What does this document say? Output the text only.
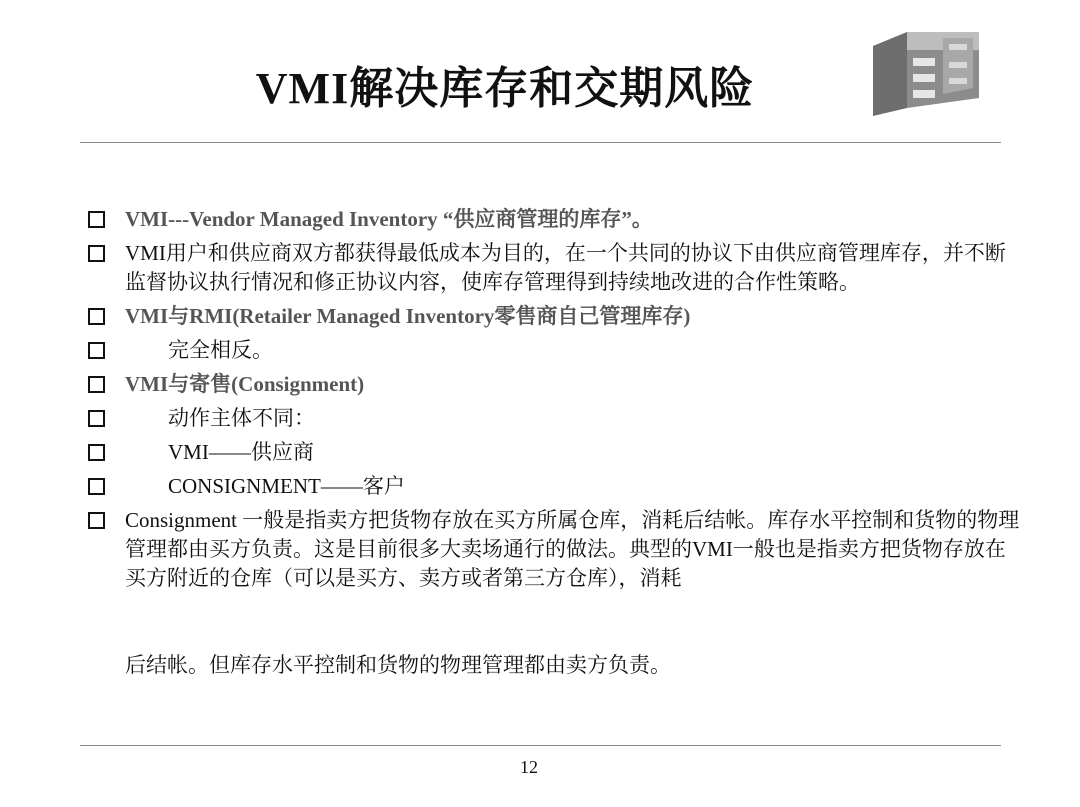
VMI解决库存和交期风险
VMI---Vendor Managed Inventory “供应商管理的库存”。
VMI用户和供应商双方都获得最低成本为目的，在一个共同的协议下由供应商管理库存，并不断监督协议执行情况和修正协议内容，使库存管理得到持续地改进的合作性策略。
VMI与RMI(Retailer Managed Inventory零售商自己管理库存)
完全相反。
VMI与寄售(Consignment)
动作主体不同：
VMI——供应商
CONSIGNMENT——客户
Consignment 一般是指卖方把货物存放在买方所属仓库，消耗后结帐。库存水平控制和货物的物理管理都由买方负责。这是目前很多大卖场通行的做法。典型的VMI一般也是指卖方把货物存放在买方附近的仓库（可以是买方、卖方或者第三方仓库），消耗
后结帐。但库存水平控制和货物的物理管理都由卖方负责。
12
